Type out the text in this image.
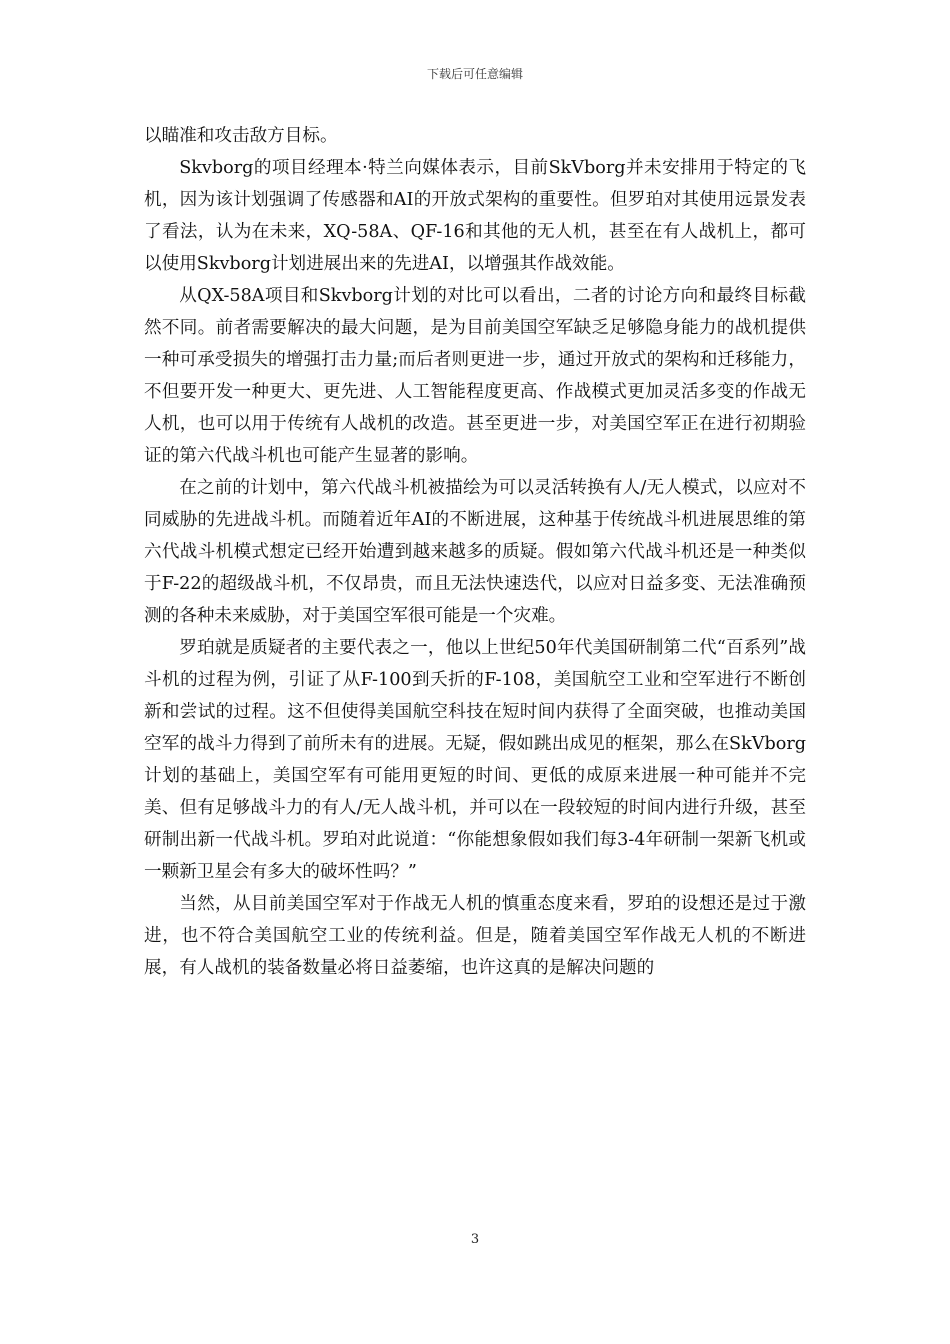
下载后可任意编辑

以瞄准和攻击敌方目标。

Skvborg的项目经理本·特兰向媒体表示，目前SkVborg并未安排用于特定的飞机，因为该计划强调了传感器和AI的开放式架构的重要性。但罗珀对其使用远景发表了看法，认为在未来，XQ-58A、QF-16和其他的无人机，甚至在有人战机上，都可以使用Skvborg计划进展出来的先进AI，以增强其作战效能。

从QX-58A项目和Skvborg计划的对比可以看出，二者的讨论方向和最终目标截然不同。前者需要解决的最大问题，是为目前美国空军缺乏足够隐身能力的战机提供一种可承受损失的增强打击力量;而后者则更进一步，通过开放式的架构和迁移能力，不但要开发一种更大、更先进、人工智能程度更高、作战模式更加灵活多变的作战无人机，也可以用于传统有人战机的改造。甚至更进一步，对美国空军正在进行初期验证的第六代战斗机也可能产生显著的影响。

在之前的计划中，第六代战斗机被描绘为可以灵活转换有人/无人模式，以应对不同威胁的先进战斗机。而随着近年AI的不断进展，这种基于传统战斗机进展思维的第六代战斗机模式想定已经开始遭到越来越多的质疑。假如第六代战斗机还是一种类似于F-22的超级战斗机，不仅昂贵，而且无法快速迭代，以应对日益多变、无法准确预测的各种未来威胁，对于美国空军很可能是一个灾难。

罗珀就是质疑者的主要代表之一，他以上世纪50年代美国研制第二代“百系列”战斗机的过程为例，引证了从F-100到夭折的F-108，美国航空工业和空军进行不断创新和尝试的过程。这不但使得美国航空科技在短时间内获得了全面突破，也推动美国空军的战斗力得到了前所未有的进展。无疑，假如跳出成见的框架，那么在SkVborg计划的基础上，美国空军有可能用更短的时间、更低的成原来进展一种可能并不完美、但有足够战斗力的有人/无人战斗机，并可以在一段较短的时间内进行升级，甚至研制出新一代战斗机。罗珀对此说道：“你能想象假如我们每3-4年研制一架新飞机或一颗新卫星会有多大的破坏性吗？”

当然，从目前美国空军对于作战无人机的慎重态度来看，罗珀的设想还是过于激进，也不符合美国航空工业的传统利益。但是，随着美国空军作战无人机的不断进展，有人战机的装备数量必将日益萎缩，也许这真的是解决问题的

3
